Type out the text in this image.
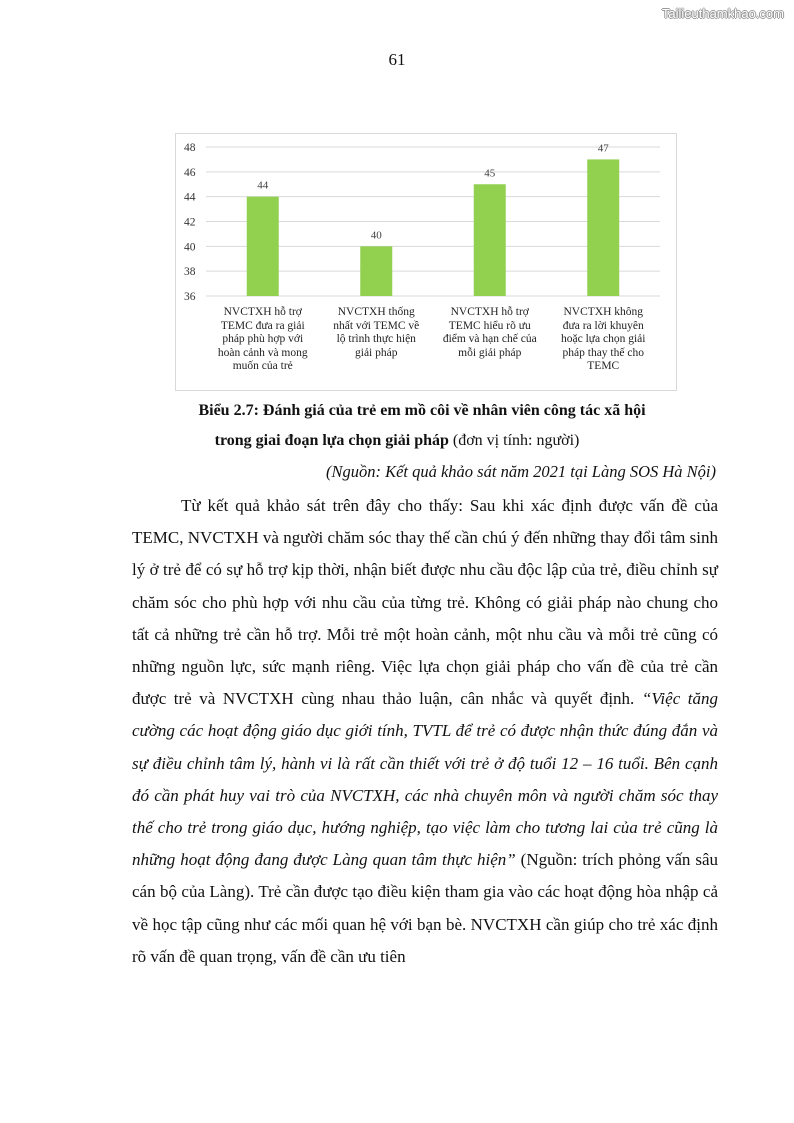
Tailieuthamkhao.com
61
36
38
40
42
44
46
48
44
40
45
47
NVCTXH hỗ trợ
TEMC đưa ra giải
pháp phù hợp với
hoàn cảnh và mong
muốn của trẻ
NVCTXH thống
nhất với TEMC về
lộ trình thực hiện
giải pháp
NVCTXH hỗ trợ
TEMC hiểu rõ ưu
điểm và hạn chế của
mỗi giải pháp
NVCTXH không
đưa ra lời khuyên
hoặc lựa chọn giải
pháp thay thế cho
TEMC
Biểu 2.7: Đánh giá của trẻ em mồ côi về nhân viên công tác xã hội
trong giai đoạn lựa chọn giải pháp (đơn vị tính: người)
(Nguồn: Kết quả khảo sát năm 2021 tại Làng SOS Hà Nội)

Từ kết quả khảo sát trên đây cho thấy: Sau khi xác định được vấn đề của TEMC, NVCTXH và người chăm sóc thay thế cần chú ý đến những thay đổi tâm sinh lý ở trẻ để có sự hỗ trợ kịp thời, nhận biết được nhu cầu độc lập của trẻ, điều chỉnh sự chăm sóc cho phù hợp với nhu cầu của từng trẻ. Không có giải pháp nào chung cho tất cả những trẻ cần hỗ trợ. Mỗi trẻ một hoàn cảnh, một nhu cầu và mỗi trẻ cũng có những nguồn lực, sức mạnh riêng. Việc lựa chọn giải pháp cho vấn đề của trẻ cần được trẻ và NVCTXH cùng nhau thảo luận, cân nhắc và quyết định. “Việc tăng cường các hoạt động giáo dục giới tính, TVTL để trẻ có được nhận thức đúng đắn và sự điều chỉnh tâm lý, hành vi là rất cần thiết với trẻ ở độ tuổi 12 – 16 tuổi. Bên cạnh đó cần phát huy vai trò của NVCTXH, các nhà chuyên môn và người chăm sóc thay thế cho trẻ trong giáo dục, hướng nghiệp, tạo việc làm cho tương lai của trẻ cũng là những hoạt động đang được Làng quan tâm thực hiện” (Nguồn: trích phỏng vấn sâu cán bộ của Làng). Trẻ cần được tạo điều kiện tham gia vào các hoạt động hòa nhập cả về học tập cũng như các mối quan hệ với bạn bè. NVCTXH cần giúp cho trẻ xác định rõ vấn đề quan trọng, vấn đề cần ưu tiên
